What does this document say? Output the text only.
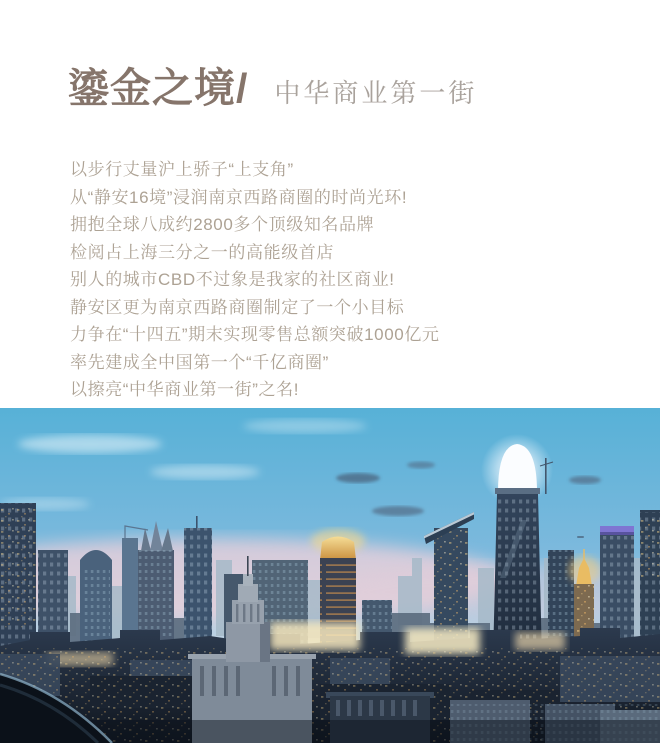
鎏金之境/ 中华商业第一街

以步行丈量沪上骄子“上支角”

从“静安16境”浸润南京西路商圈的时尚光环!

拥抱全球八成约2800多个顶级知名品牌

检阅占上海三分之一的高能级首店

别人的城市CBD不过象是我家的社区商业!

静安区更为南京西路商圈制定了一个小目标

力争在“十四五”期末实现零售总额突破1000亿元

率先建成全中国第一个“千亿商圈”

以擦亮“中华商业第一街”之名!
